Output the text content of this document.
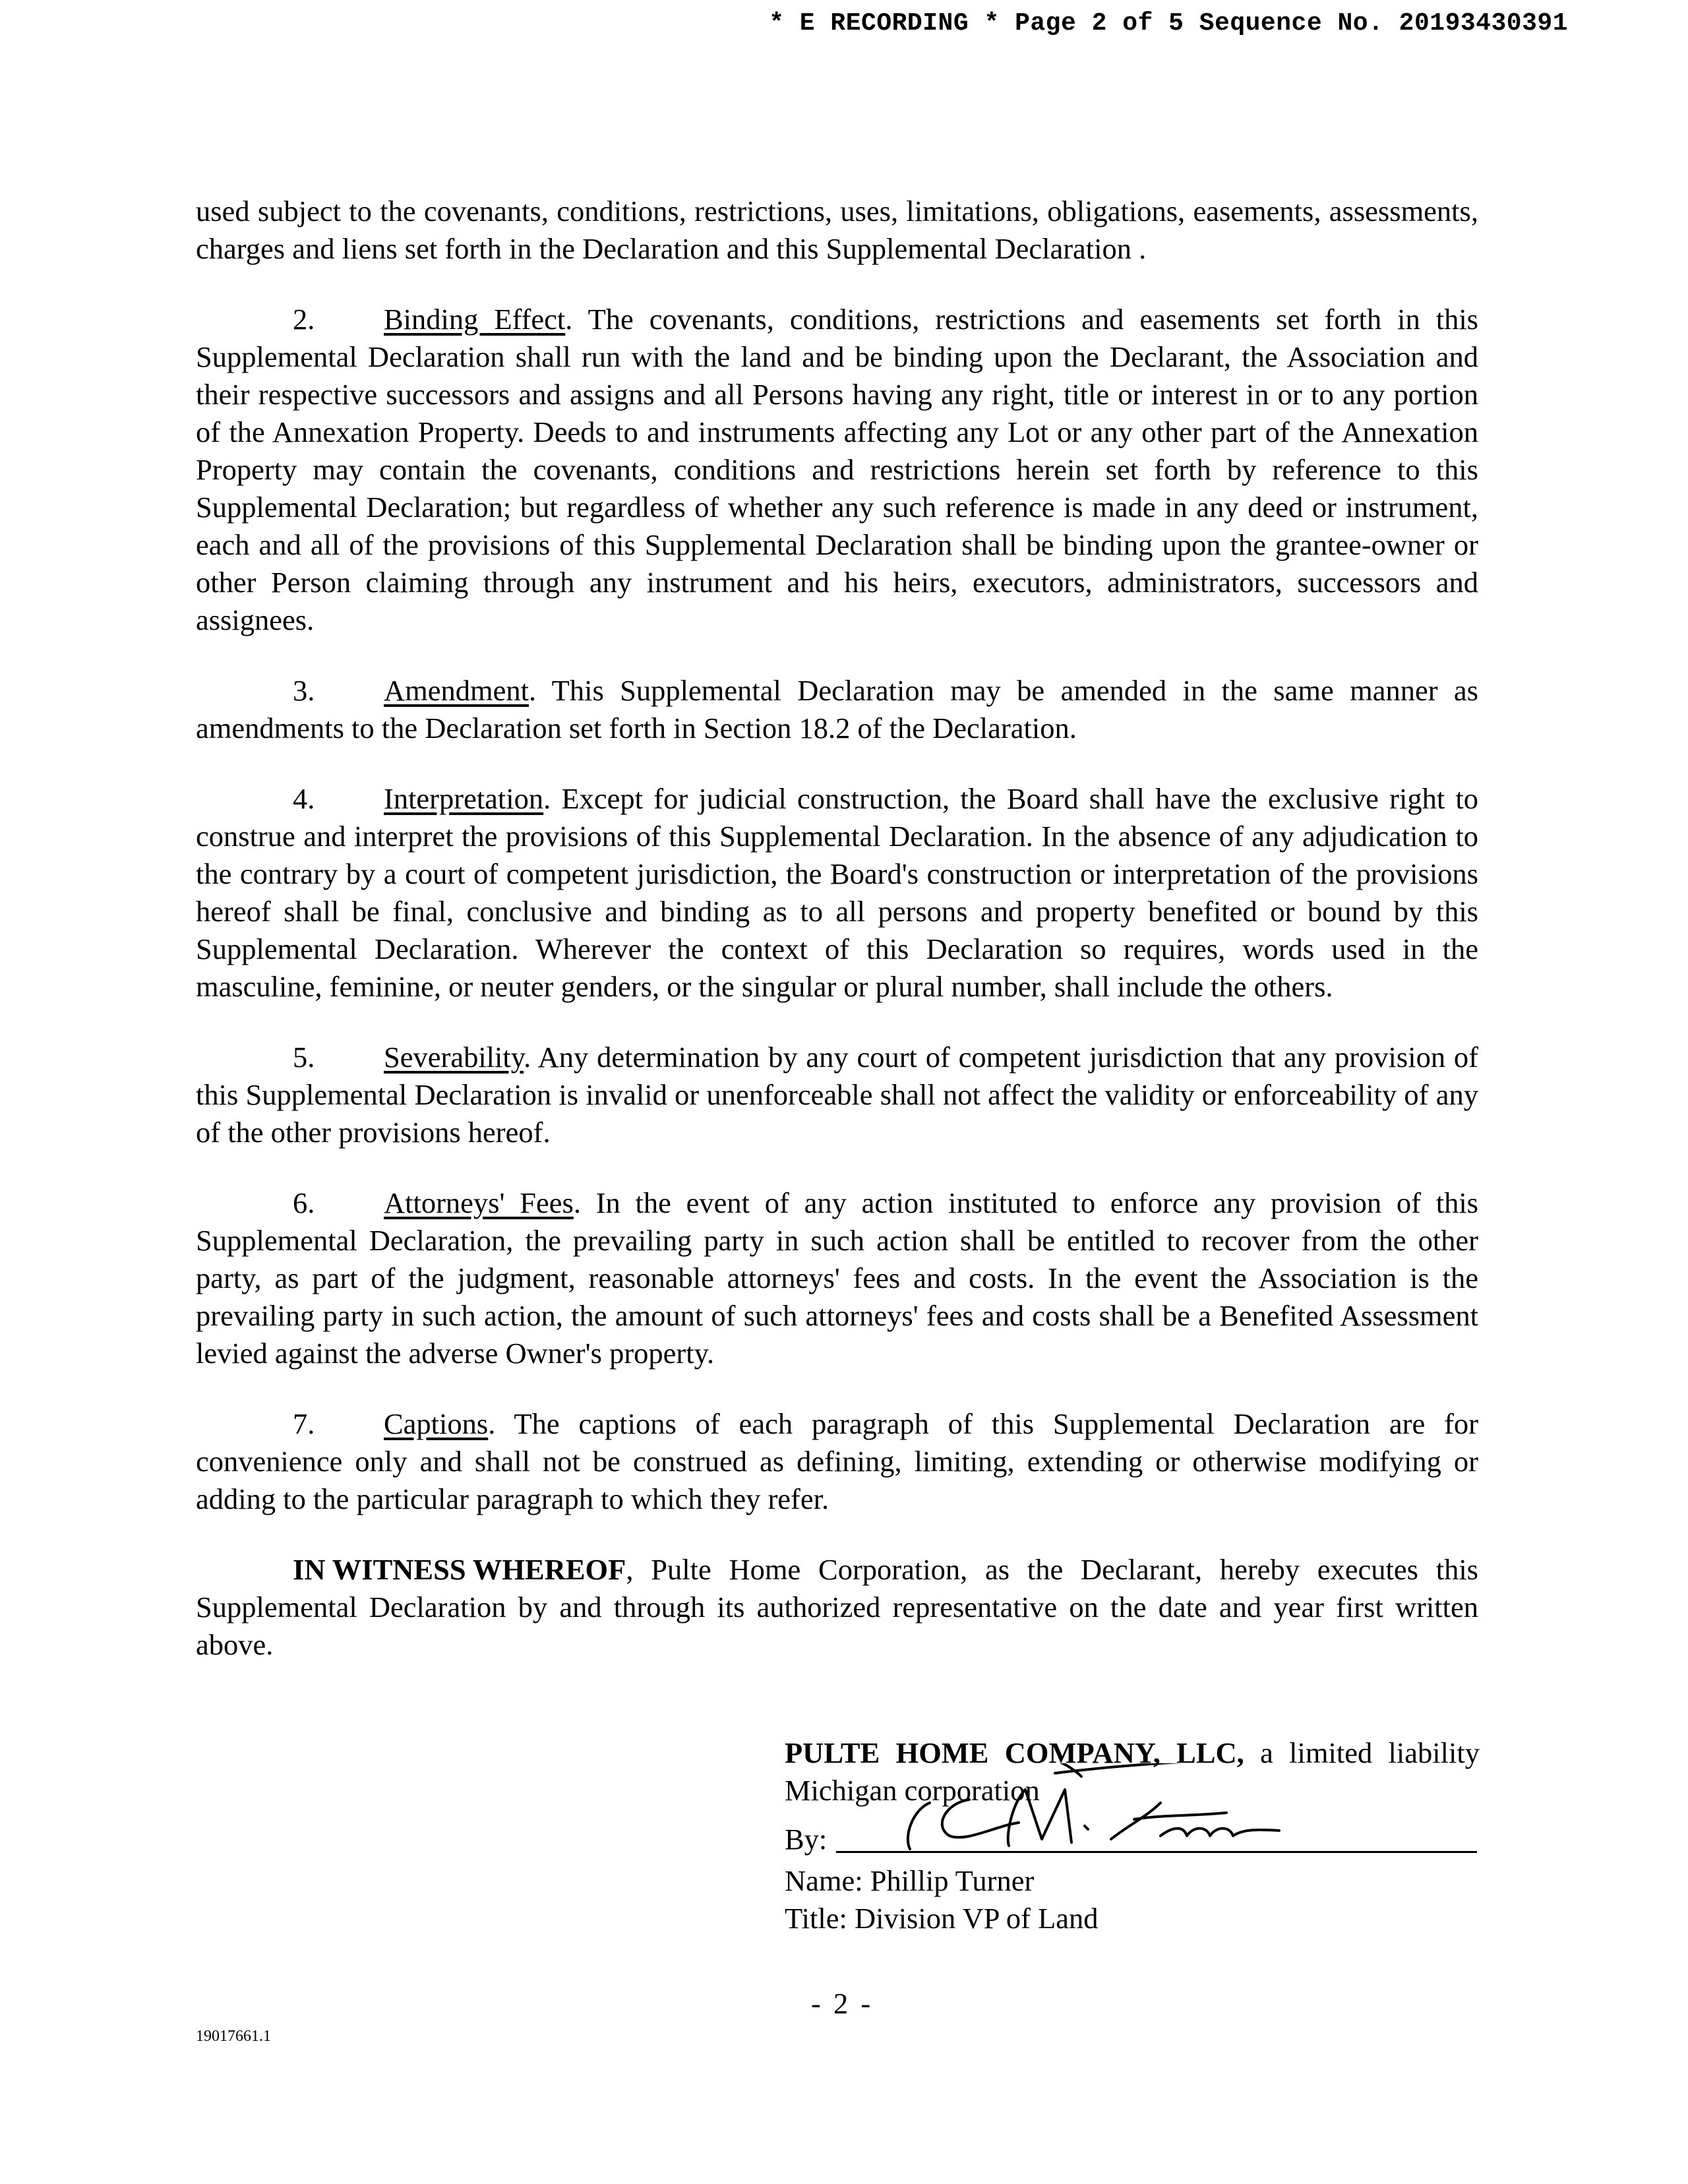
* E RECORDING * Page 2 of 5 Sequence No. 20193430391

used subject to the covenants, conditions, restrictions, uses, limitations, obligations, easements, assessments, charges and liens set forth in the Declaration and this Supplemental Declaration .

2. Binding Effect. The covenants, conditions, restrictions and easements set forth in this Supplemental Declaration shall run with the land and be binding upon the Declarant, the Association and their respective successors and assigns and all Persons having any right, title or interest in or to any portion of the Annexation Property. Deeds to and instruments affecting any Lot or any other part of the Annexation Property may contain the covenants, conditions and restrictions herein set forth by reference to this Supplemental Declaration; but regardless of whether any such reference is made in any deed or instrument, each and all of the provisions of this Supplemental Declaration shall be binding upon the grantee-owner or other Person claiming through any instrument and his heirs, executors, administrators, successors and assignees.

3. Amendment. This Supplemental Declaration may be amended in the same manner as amendments to the Declaration set forth in Section 18.2 of the Declaration.

4. Interpretation. Except for judicial construction, the Board shall have the exclusive right to construe and interpret the provisions of this Supplemental Declaration. In the absence of any adjudication to the contrary by a court of competent jurisdiction, the Board's construction or interpretation of the provisions hereof shall be final, conclusive and binding as to all persons and property benefited or bound by this Supplemental Declaration. Wherever the context of this Declaration so requires, words used in the masculine, feminine, or neuter genders, or the singular or plural number, shall include the others.

5. Severability. Any determination by any court of competent jurisdiction that any provision of this Supplemental Declaration is invalid or unenforceable shall not affect the validity or enforceability of any of the other provisions hereof.

6. Attorneys' Fees. In the event of any action instituted to enforce any provision of this Supplemental Declaration, the prevailing party in such action shall be entitled to recover from the other party, as part of the judgment, reasonable attorneys' fees and costs. In the event the Association is the prevailing party in such action, the amount of such attorneys' fees and costs shall be a Benefited Assessment levied against the adverse Owner's property.

7. Captions. The captions of each paragraph of this Supplemental Declaration are for convenience only and shall not be construed as defining, limiting, extending or otherwise modifying or adding to the particular paragraph to which they refer.

IN WITNESS WHEREOF, Pulte Home Corporation, as the Declarant, hereby executes this Supplemental Declaration by and through its authorized representative on the date and year first written above.

PULTE HOME COMPANY, LLC, a limited liability Michigan corporation
By:
Name: Phillip Turner
Title: Division VP of Land
- 2 -
19017661.1
